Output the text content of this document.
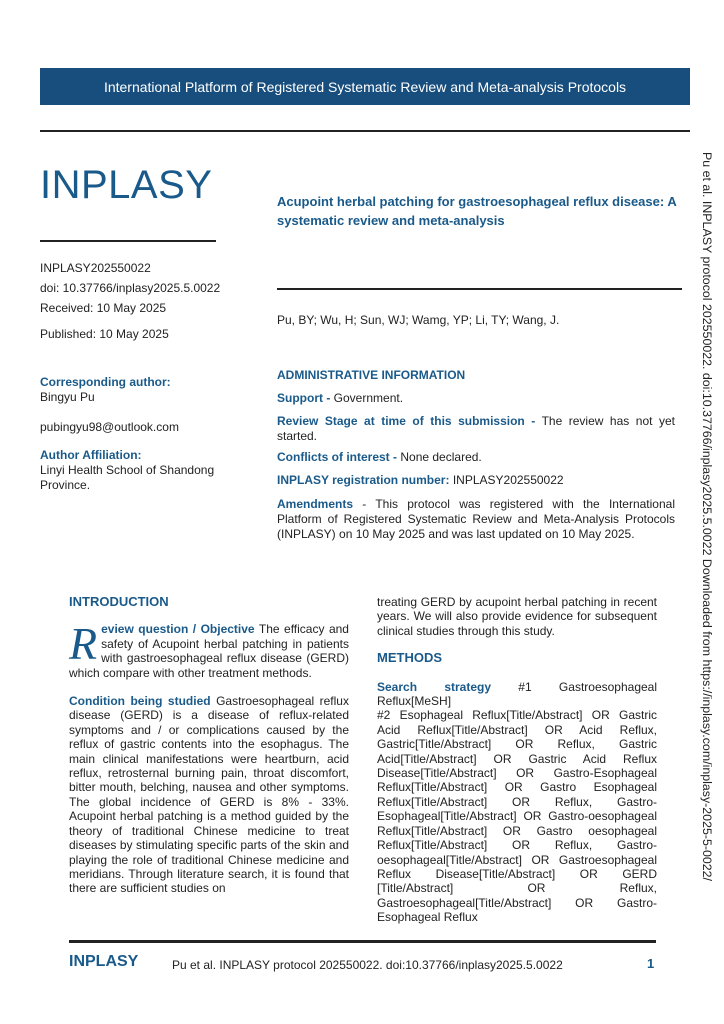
International Platform of Registered Systematic Review and Meta-analysis Protocols
INPLASY
INPLASY202550022
doi: 10.37766/inplasy2025.5.0022
Received: 10 May 2025
Published: 10 May 2025
Acupoint herbal patching for gastroesophageal reflux disease: A systematic review and meta-analysis
Pu, BY; Wu, H; Sun, WJ; Wamg, YP; Li, TY; Wang, J.
Corresponding author:
Bingyu Pu
pubingyu98@outlook.com
Author Affiliation:
Linyi Health School of Shandong Province.
ADMINISTRATIVE INFORMATION
Support - Government.
Review Stage at time of this submission - The review has not yet started.
Conflicts of interest - None declared.
INPLASY registration number: INPLASY202550022
Amendments - This protocol was registered with the International Platform of Registered Systematic Review and Meta-Analysis Protocols (INPLASY) on 10 May 2025 and was last updated on 10 May 2025.	Pu et al. INPLASY protocol 202550022. doi:10.37766/inplasy2025.5.0022 Downloaded from https://inplasy.com/inplasy-2025-5-0022/
INTRODUCTION
Review question / Objective The efficacy and safety of Acupoint herbal patching in patients with gastroesophageal reflux disease (GERD) which compare with other treatment methods.
Condition being studied Gastroesophageal reflux disease (GERD) is a disease of reflux-related symptoms and / or complications caused by the reflux of gastric contents into the esophagus. The main clinical manifestations were heartburn, acid reflux, retrosternal burning pain, throat discomfort, bitter mouth, belching, nausea and other symptoms. The global incidence of GERD is 8% - 33%. Acupoint herbal patching is a method guided by the theory of traditional Chinese medicine to treat diseases by stimulating specific parts of the skin and playing the role of traditional Chinese medicine and meridians. Through literature search, it is found that there are sufficient studies on
treating GERD by acupoint herbal patching in recent years. We will also provide evidence for subsequent clinical studies through this study.
METHODS
Search strategy #1 Gastroesophageal Reflux[MeSH]
#2 Esophageal Reflux[Title/Abstract] OR Gastric Acid Reflux[Title/Abstract] OR Acid Reflux, Gastric[Title/Abstract] OR Reflux, Gastric Acid[Title/Abstract] OR Gastric Acid Reflux Disease[Title/Abstract] OR Gastro-Esophageal Reflux[Title/Abstract] OR Gastro Esophageal Reflux[Title/Abstract] OR Reflux, Gastro-Esophageal[Title/Abstract] OR Gastro-oesophageal Reflux[Title/Abstract] OR Gastro oesophageal Reflux[Title/Abstract] OR Reflux, Gastro-oesophageal[Title/Abstract] OR Gastroesophageal Reflux Disease[Title/Abstract] OR GERD [Title/Abstract] OR Reflux, Gastroesophageal[Title/Abstract] OR Gastro-Esophageal Reflux
INPLASY	Pu et al. INPLASY protocol 202550022. doi:10.37766/inplasy2025.5.0022	1
